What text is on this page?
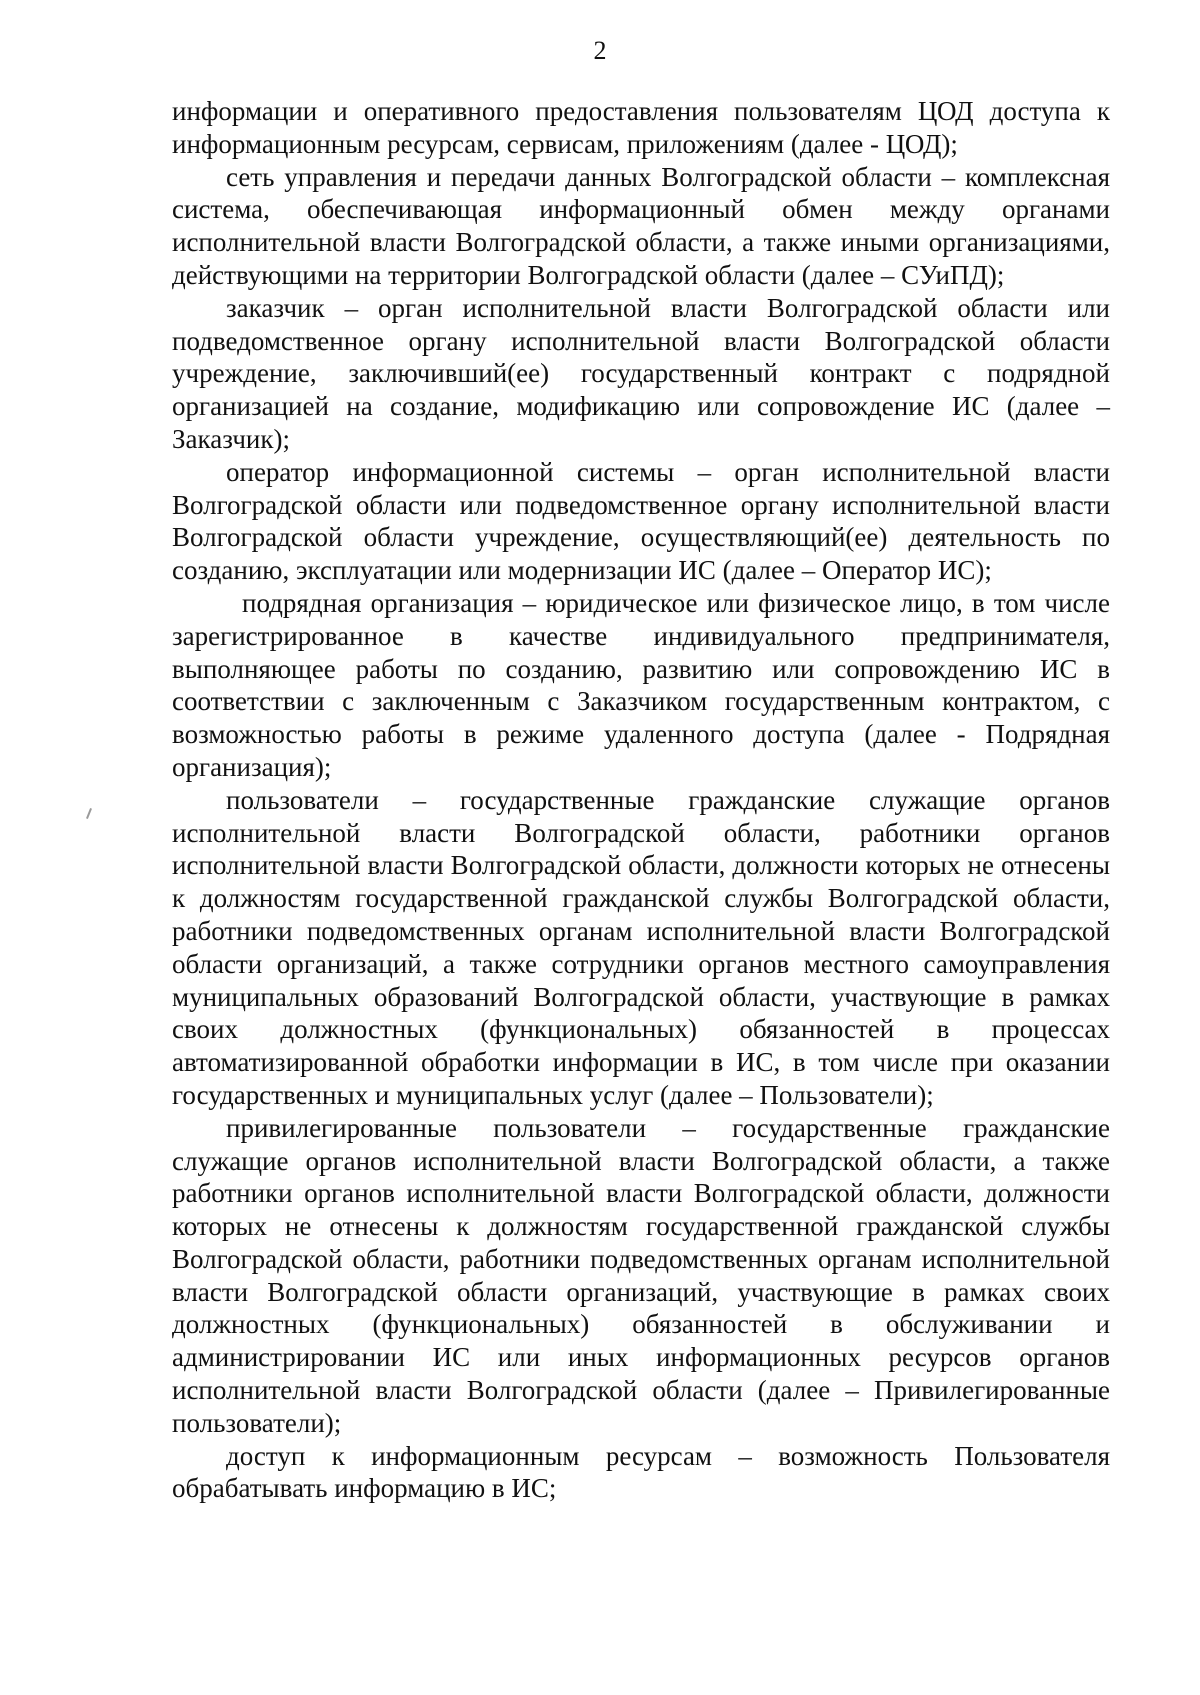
2

информации и оперативного предоставления пользователям ЦОД доступа к информационным ресурсам, сервисам, приложениям (далее - ЦОД);

сеть управления и передачи данных Волгоградской области – комплексная система, обеспечивающая информационный обмен между органами исполнительной власти Волгоградской области, а также иными организациями, действующими на территории Волгоградской области (далее – СУиПД);

заказчик – орган исполнительной власти Волгоградской области или подведомственное органу исполнительной власти Волгоградской области учреждение, заключивший(ее) государственный контракт с подрядной организацией на создание, модификацию или сопровождение ИС (далее – Заказчик);

оператор информационной системы – орган исполнительной власти Волгоградской области или подведомственное органу исполнительной власти Волгоградской области учреждение, осуществляющий(ее) деятельность по созданию, эксплуатации или модернизации ИС (далее – Оператор ИС);

подрядная организация – юридическое или физическое лицо, в том числе зарегистрированное в качестве индивидуального предпринимателя, выполняющее работы по созданию, развитию или сопровождению ИС в соответствии с заключенным с Заказчиком государственным контрактом, с возможностью работы в режиме удаленного доступа (далее - Подрядная организация);

пользователи – государственные гражданские служащие органов исполнительной власти Волгоградской области, работники органов исполнительной власти Волгоградской области, должности которых не отнесены к должностям государственной гражданской службы Волгоградской области, работники подведомственных органам исполнительной власти Волгоградской области организаций, а также сотрудники органов местного самоуправления муниципальных образований Волгоградской области, участвующие в рамках своих должностных (функциональных) обязанностей в процессах автоматизированной обработки информации в ИС, в том числе при оказании государственных и муниципальных услуг (далее – Пользователи);

привилегированные пользователи – государственные гражданские служащие органов исполнительной власти Волгоградской области, а также работники органов исполнительной власти Волгоградской области, должности которых не отнесены к должностям государственной гражданской службы Волгоградской области, работники подведомственных органам исполнительной власти Волгоградской области организаций, участвующие в рамках своих должностных (функциональных) обязанностей в обслуживании и администрировании ИС или иных информационных ресурсов органов исполнительной власти Волгоградской области (далее – Привилегированные пользователи);

доступ к информационным ресурсам – возможность Пользователя обрабатывать информацию в ИС;
